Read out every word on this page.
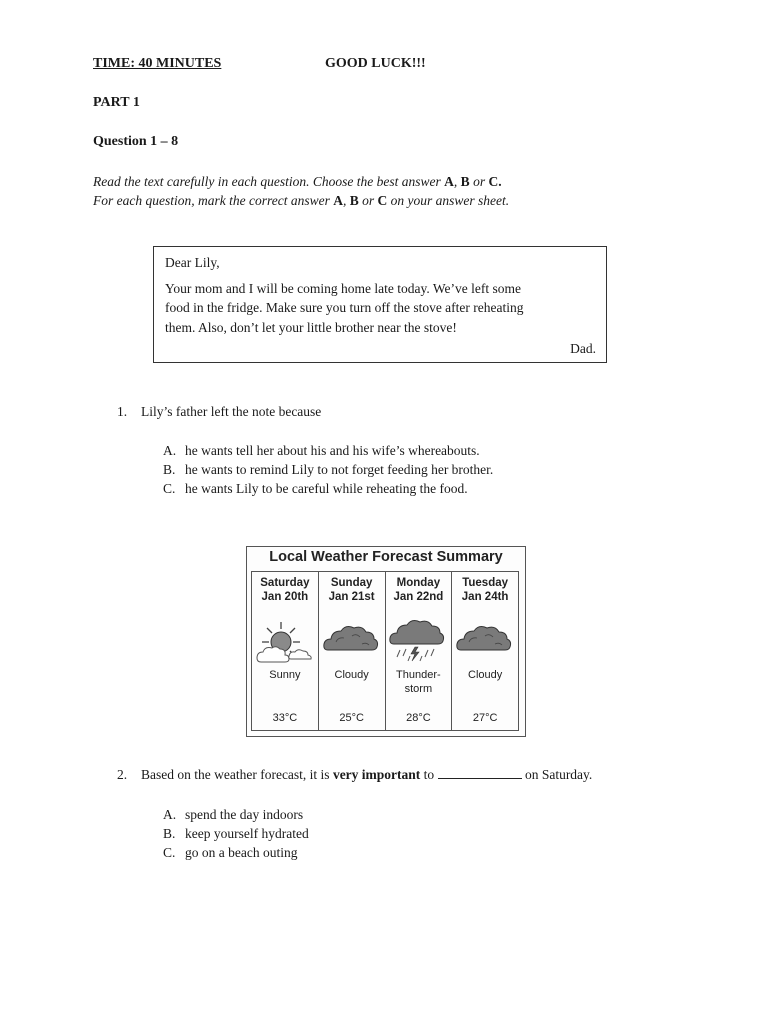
TIME: 40 MINUTES	GOOD LUCK!!!
PART 1
Question 1 – 8
Read the text carefully in each question. Choose the best answer A, B or C.
For each question, mark the correct answer A, B or C on your answer sheet.
Dear Lily,
Your mom and I will be coming home late today. We’ve left some
food in the fridge. Make sure you turn off the stove after reheating
them. Also, don’t let your little brother near the stove!
Dad.
1. Lily’s father left the note because
A. he wants tell her about his and his wife’s whereabouts.
B. he wants to remind Lily to not forget feeding her brother.
C. he wants Lily to be careful while reheating the food.
Local Weather Forecast Summary
Saturday
Jan 20th
Sunny
33°C
Sunday
Jan 21st
Cloudy
25°C
Monday
Jan 22nd
Thunder-
storm
28°C
Tuesday
Jan 24th
Cloudy
27°C
2. Based on the weather forecast, it is very important to	on Saturday.
A. spend the day indoors
B. keep yourself hydrated
C. go on a beach outing
